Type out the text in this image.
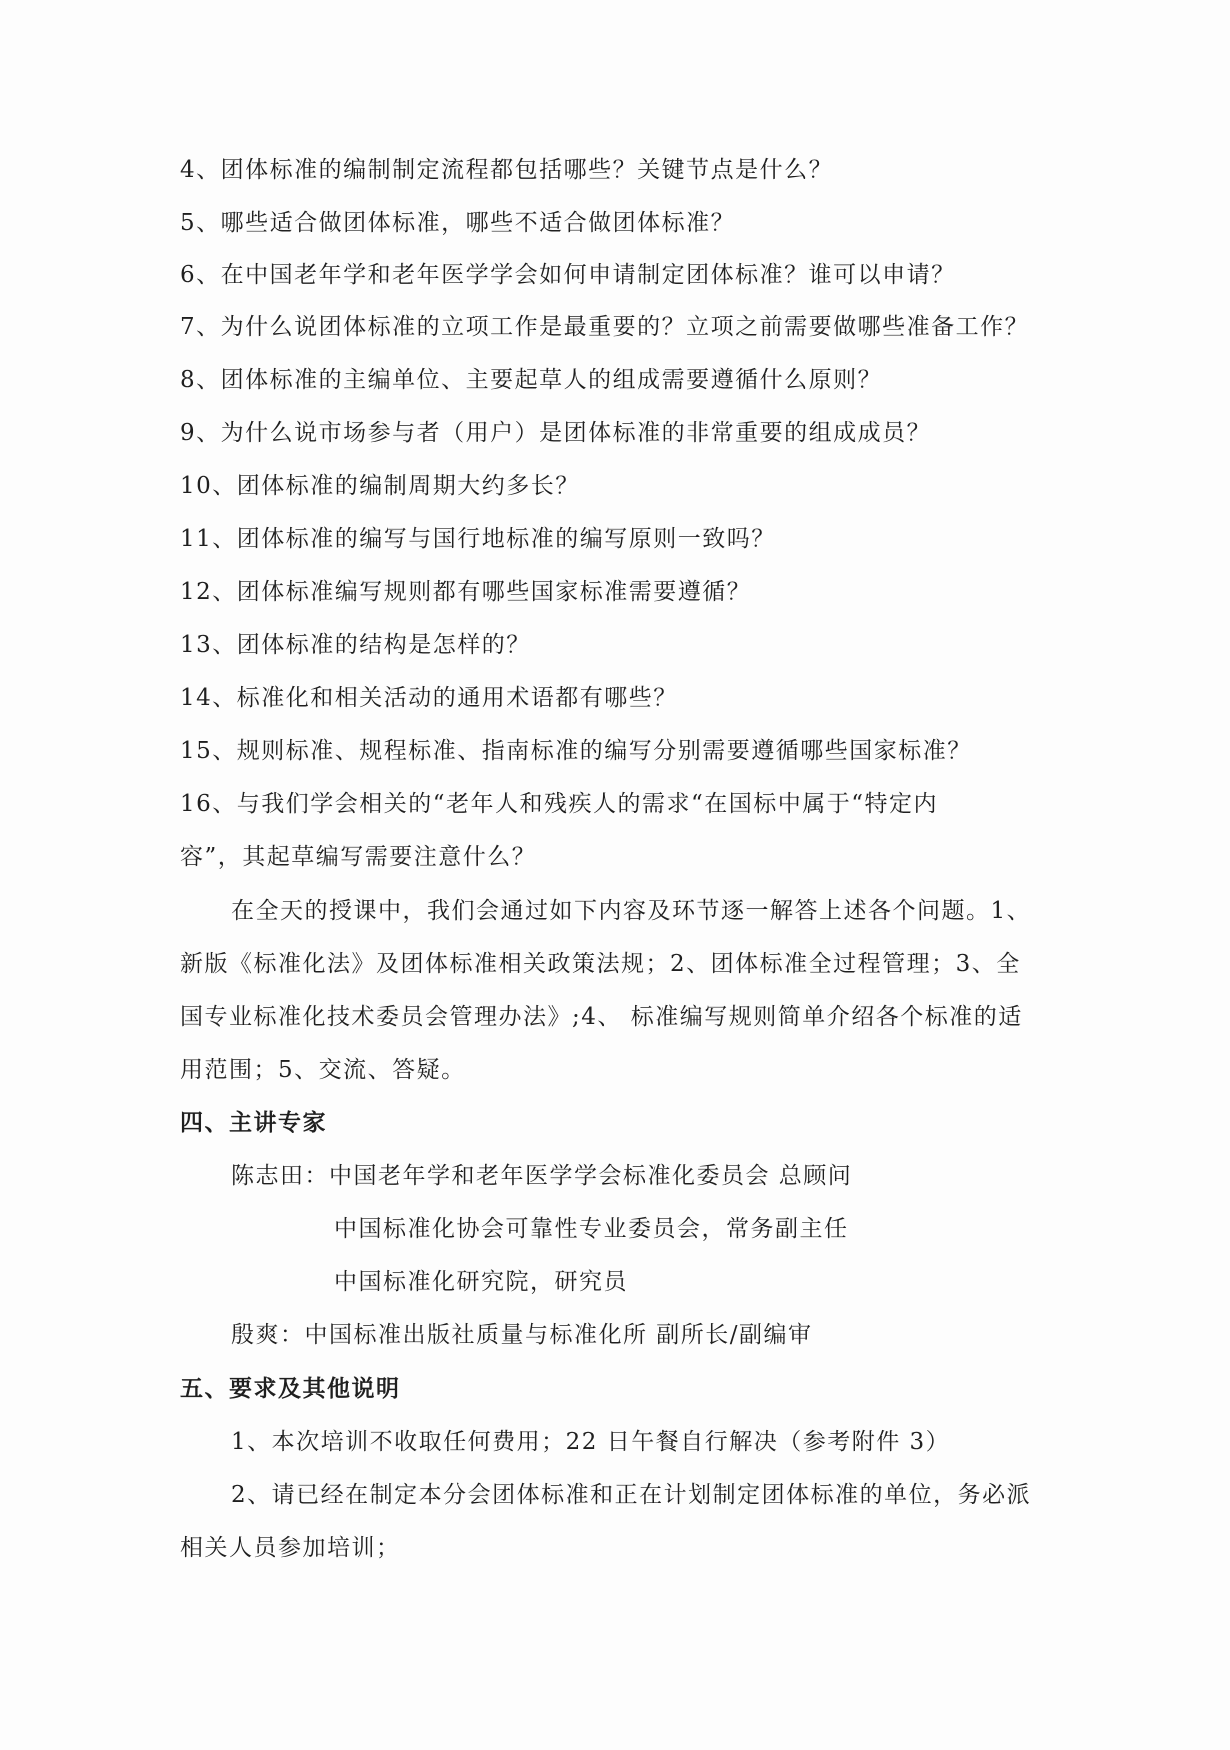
4、团体标准的编制制定流程都包括哪些？关键节点是什么？
5、哪些适合做团体标准，哪些不适合做团体标准？
6、在中国老年学和老年医学学会如何申请制定团体标准？谁可以申请？
7、为什么说团体标准的立项工作是最重要的？立项之前需要做哪些准备工作？
8、团体标准的主编单位、主要起草人的组成需要遵循什么原则？
9、为什么说市场参与者（用户）是团体标准的非常重要的组成成员？
10、团体标准的编制周期大约多长？
11、团体标准的编写与国行地标准的编写原则一致吗？
12、团体标准编写规则都有哪些国家标准需要遵循？
13、团体标准的结构是怎样的？
14、标准化和相关活动的通用术语都有哪些？
15、规则标准、规程标准、指南标准的编写分别需要遵循哪些国家标准？
16、与我们学会相关的“老年人和残疾人的需求“在国标中属于“特定内
容”，其起草编写需要注意什么？
在全天的授课中，我们会通过如下内容及环节逐一解答上述各个问题。1、
新版《标准化法》及团体标准相关政策法规；2、团体标准全过程管理；3、全
国专业标准化技术委员会管理办法》;4、 标准编写规则简单介绍各个标准的适
用范围；5、交流、答疑。
四、主讲专家
陈志田：中国老年学和老年医学学会标准化委员会 总顾问
中国标准化协会可靠性专业委员会，常务副主任
中国标准化研究院，研究员
殷爽：中国标准出版社质量与标准化所 副所长/副编审
五、要求及其他说明
1、本次培训不收取任何费用；22 日午餐自行解决（参考附件 3）
2、请已经在制定本分会团体标准和正在计划制定团体标准的单位，务必派
相关人员参加培训；
